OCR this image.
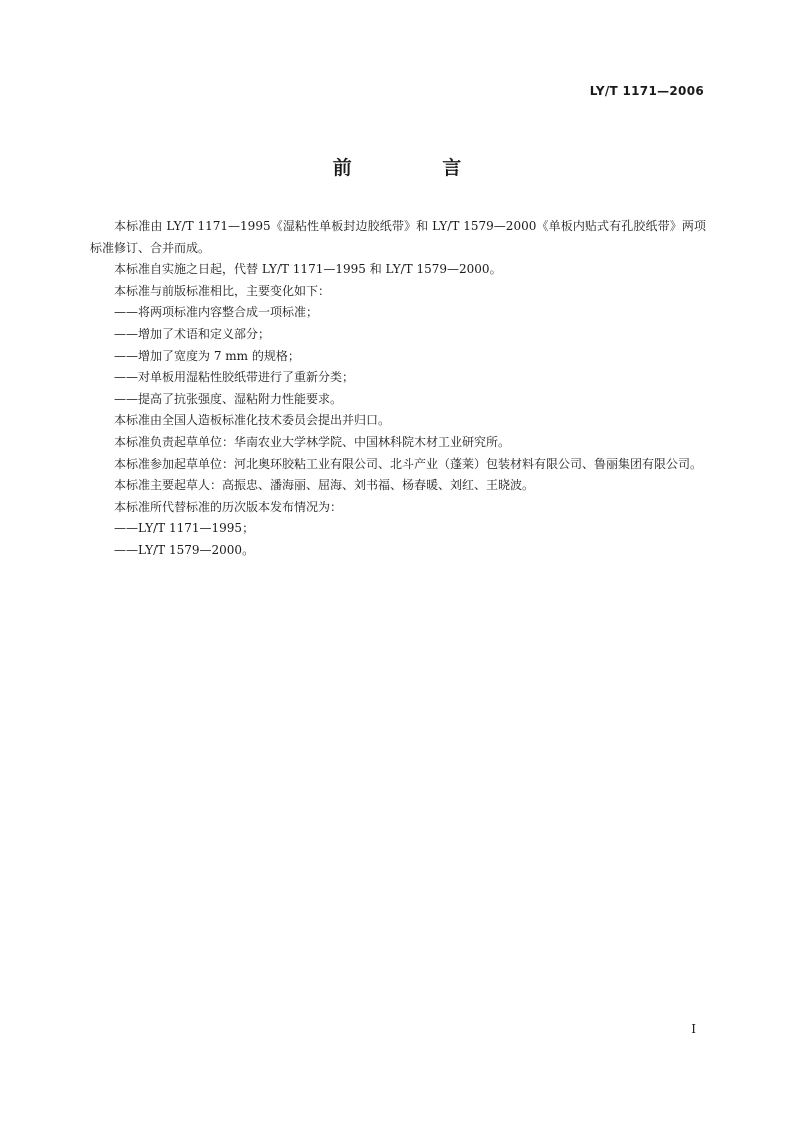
LY/T 1171—2006
前 言

本标准由 LY/T 1171—1995《湿粘性单板封边胶纸带》和 LY/T 1579—2000《单板内贴式有孔胶纸带》两项标准修订、合并而成。

本标准自实施之日起，代替 LY/T 1171—1995 和 LY/T 1579—2000。

本标准与前版标准相比，主要变化如下：

——将两项标准内容整合成一项标准；

——增加了术语和定义部分；

——增加了宽度为 7 mm 的规格；

——对单板用湿粘性胶纸带进行了重新分类；

——提高了抗张强度、湿粘附力性能要求。

本标准由全国人造板标准化技术委员会提出并归口。

本标准负责起草单位：华南农业大学林学院、中国林科院木材工业研究所。

本标准参加起草单位：河北奥环胶粘工业有限公司、北斗产业（蓬莱）包装材料有限公司、鲁丽集团有限公司。

本标准主要起草人：高振忠、潘海丽、屈海、刘书福、杨春暖、刘红、王晓波。

本标准所代替标准的历次版本发布情况为：

——LY/T 1171—1995；

——LY/T 1579—2000。

I
